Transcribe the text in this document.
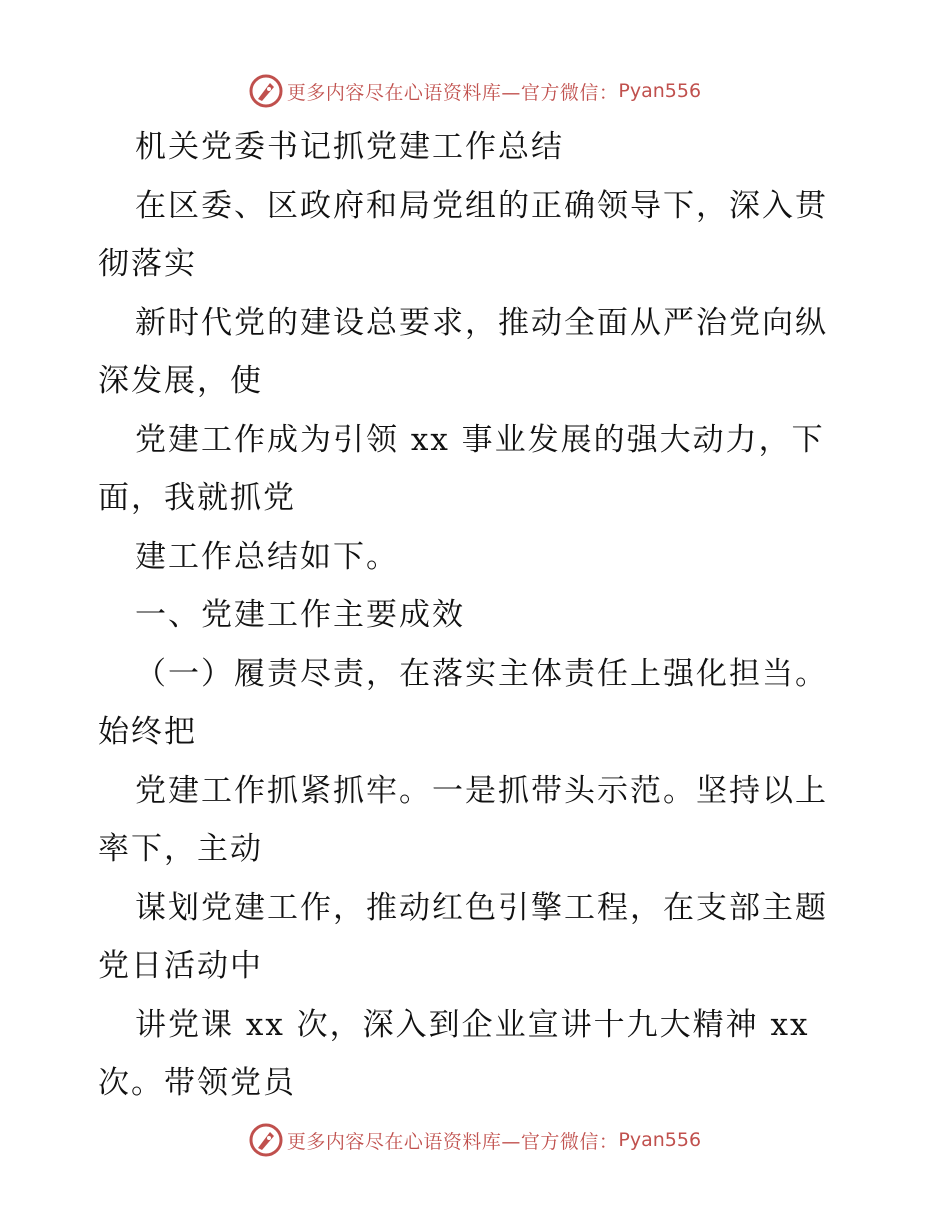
更多内容尽在心语资料库—官方微信： Pyan556
机关党委书记抓党建工作总结
在区委、区政府和局党组的正确领导下，深入贯
彻落实
新时代党的建设总要求，推动全面从严治党向纵
深发展，使
党建工作成为引领 xx 事业发展的强大动力，下
面，我就抓党
建工作总结如下。
一、党建工作主要成效
（一）履责尽责，在落实主体责任上强化担当。
始终把
党建工作抓紧抓牢。一是抓带头示范。坚持以上
率下，主动
谋划党建工作，推动红色引擎工程，在支部主题
党日活动中
讲党课 xx 次，深入到企业宣讲十九大精神 xx
次。带领党员
更多内容尽在心语资料库—官方微信： Pyan556
